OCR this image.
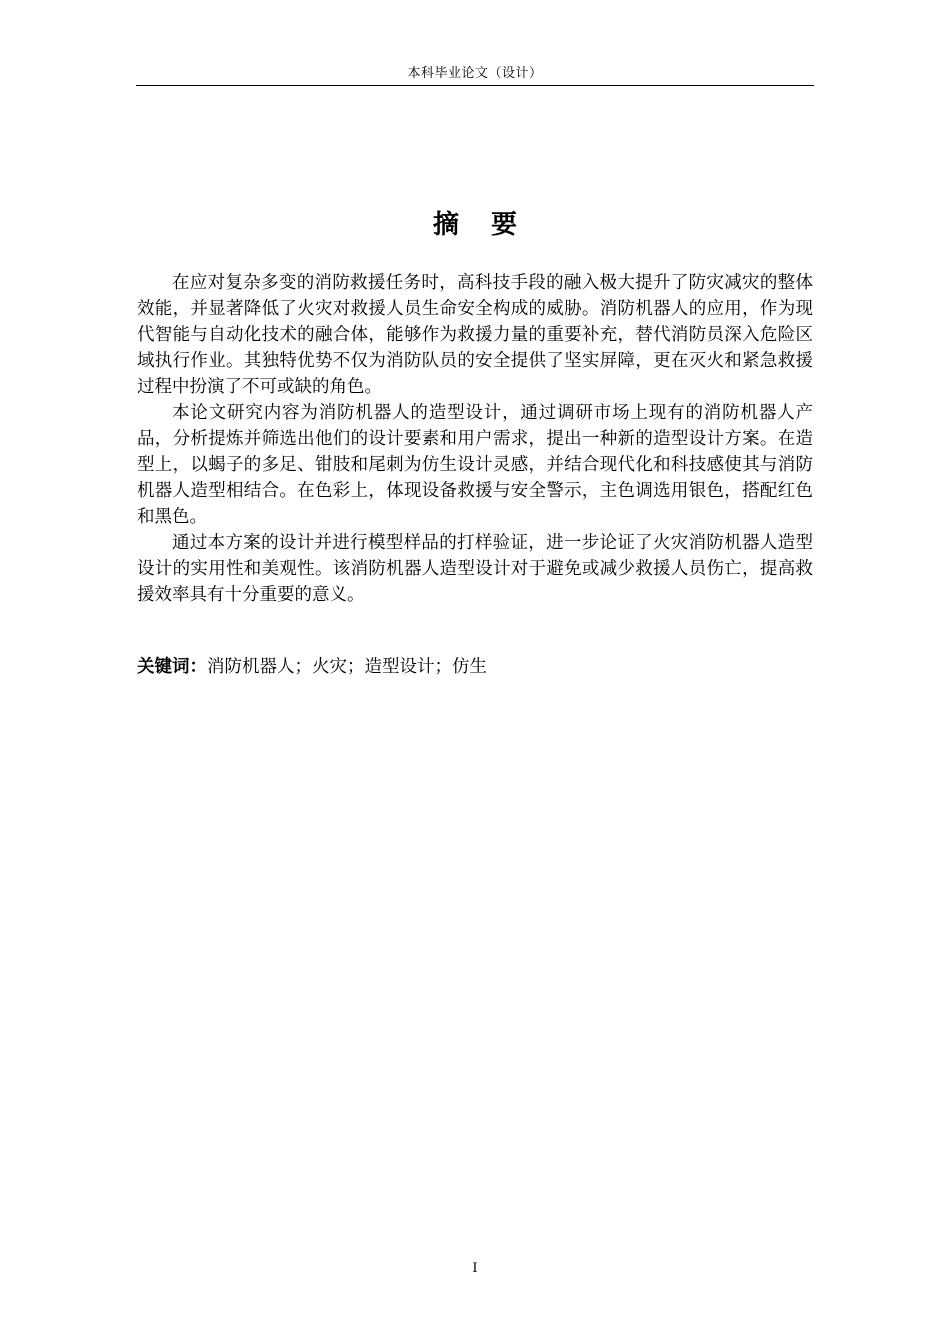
本科毕业论文（设计）
摘 要

在应对复杂多变的消防救援任务时，高科技手段的融入极大提升了防灾减灾的整体效能，并显著降低了火灾对救援人员生命安全构成的威胁。消防机器人的应用，作为现代智能与自动化技术的融合体，能够作为救援力量的重要补充，替代消防员深入危险区域执行作业。其独特优势不仅为消防队员的安全提供了坚实屏障，更在灭火和紧急救援过程中扮演了不可或缺的角色。

本论文研究内容为消防机器人的造型设计，通过调研市场上现有的消防机器人产品，分析提炼并筛选出他们的设计要素和用户需求，提出一种新的造型设计方案。在造型上，以蝎子的多足、钳肢和尾刺为仿生设计灵感，并结合现代化和科技感使其与消防机器人造型相结合。在色彩上，体现设备救援与安全警示，主色调选用银色，搭配红色和黑色。

通过本方案的设计并进行模型样品的打样验证，进一步论证了火灾消防机器人造型设计的实用性和美观性。该消防机器人造型设计对于避免或减少救援人员伤亡，提高救援效率具有十分重要的意义。

关键词：消防机器人；火灾；造型设计；仿生
I
